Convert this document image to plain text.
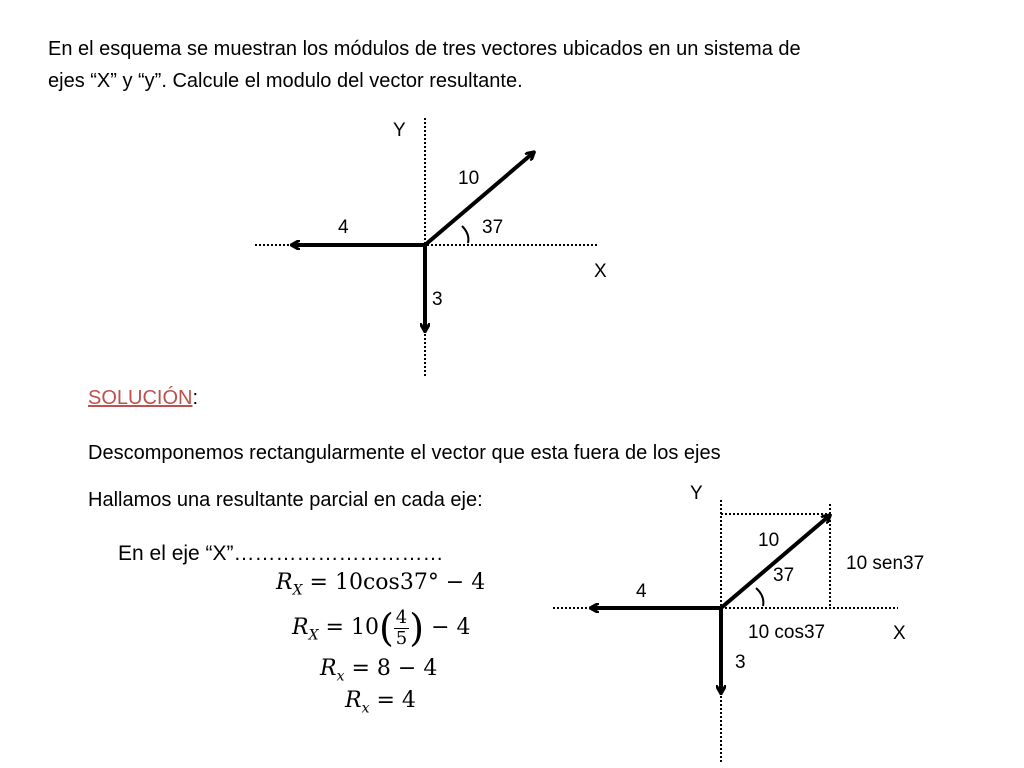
En el esquema se muestran los módulos de tres vectores ubicados en un sistema de
ejes “X” y “y”. Calcule el modulo del vector resultante.
Y
X
10
37
4
3
SOLUCIÓN:
Descomponemos rectangularmente el vector que esta fuera de los ejes
Hallamos una resultante parcial en cada eje:
En el eje “X”…………………………
$R_X = 10\cos 37^\circ - 4$
$R_X = 10( \frac{4}{5}$ ) − 4
$R_x = 8 - 4$
$R_x = 4$
Y
X
10
37
4
3
10 sen37
10 cos37
